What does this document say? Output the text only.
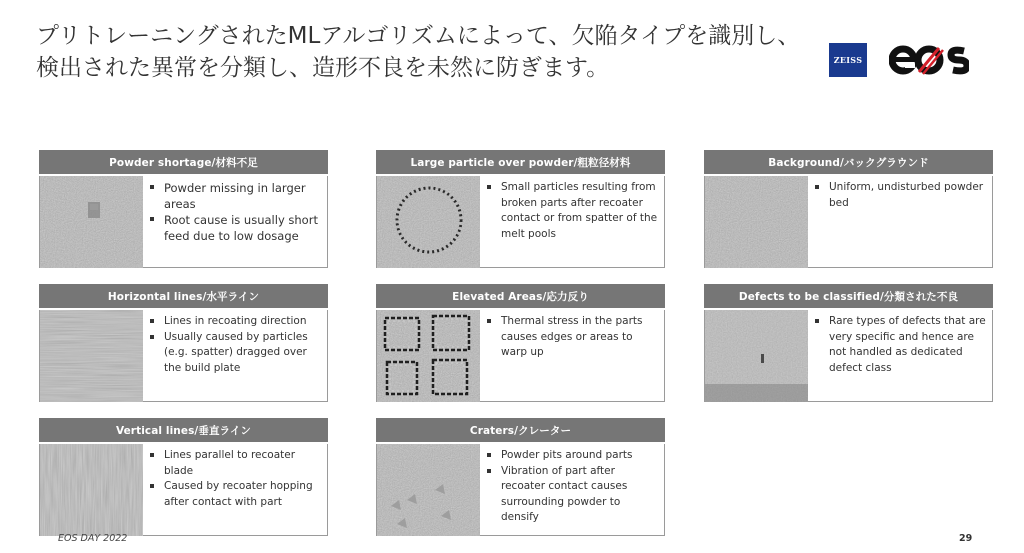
プリトレーニングされたMLアルゴリズムによって、欠陥タイプを識別し、
検出された異常を分類し、造形不良を未然に防ぎます。	ZEISS
Powder shortage/材料不足
Powder missing in larger areas
Root cause is usually short feed due to low dosage
Large particle over powder/粗粒径材料
Small particles resulting from broken parts after recoater contact or from spatter of the melt pools
Background/バックグラウンド
Uniform, undisturbed powder bed
Horizontal lines/水平ライン
Lines in recoating direction
Usually caused by particles (e.g. spatter) dragged over the build plate
Elevated Areas/応力反り
Thermal stress in the parts causes edges or areas to warp up
Defects to be classified/分類された不良
Rare types of defects that are very specific and hence are not handled as dedicated defect class
Vertical lines/垂直ライン
Lines parallel to recoater blade
Caused by recoater hopping after contact with part
Craters/クレーター
Powder pits around parts
Vibration of part after recoater contact causes surrounding powder to densify
EOS DAY 2022	29
